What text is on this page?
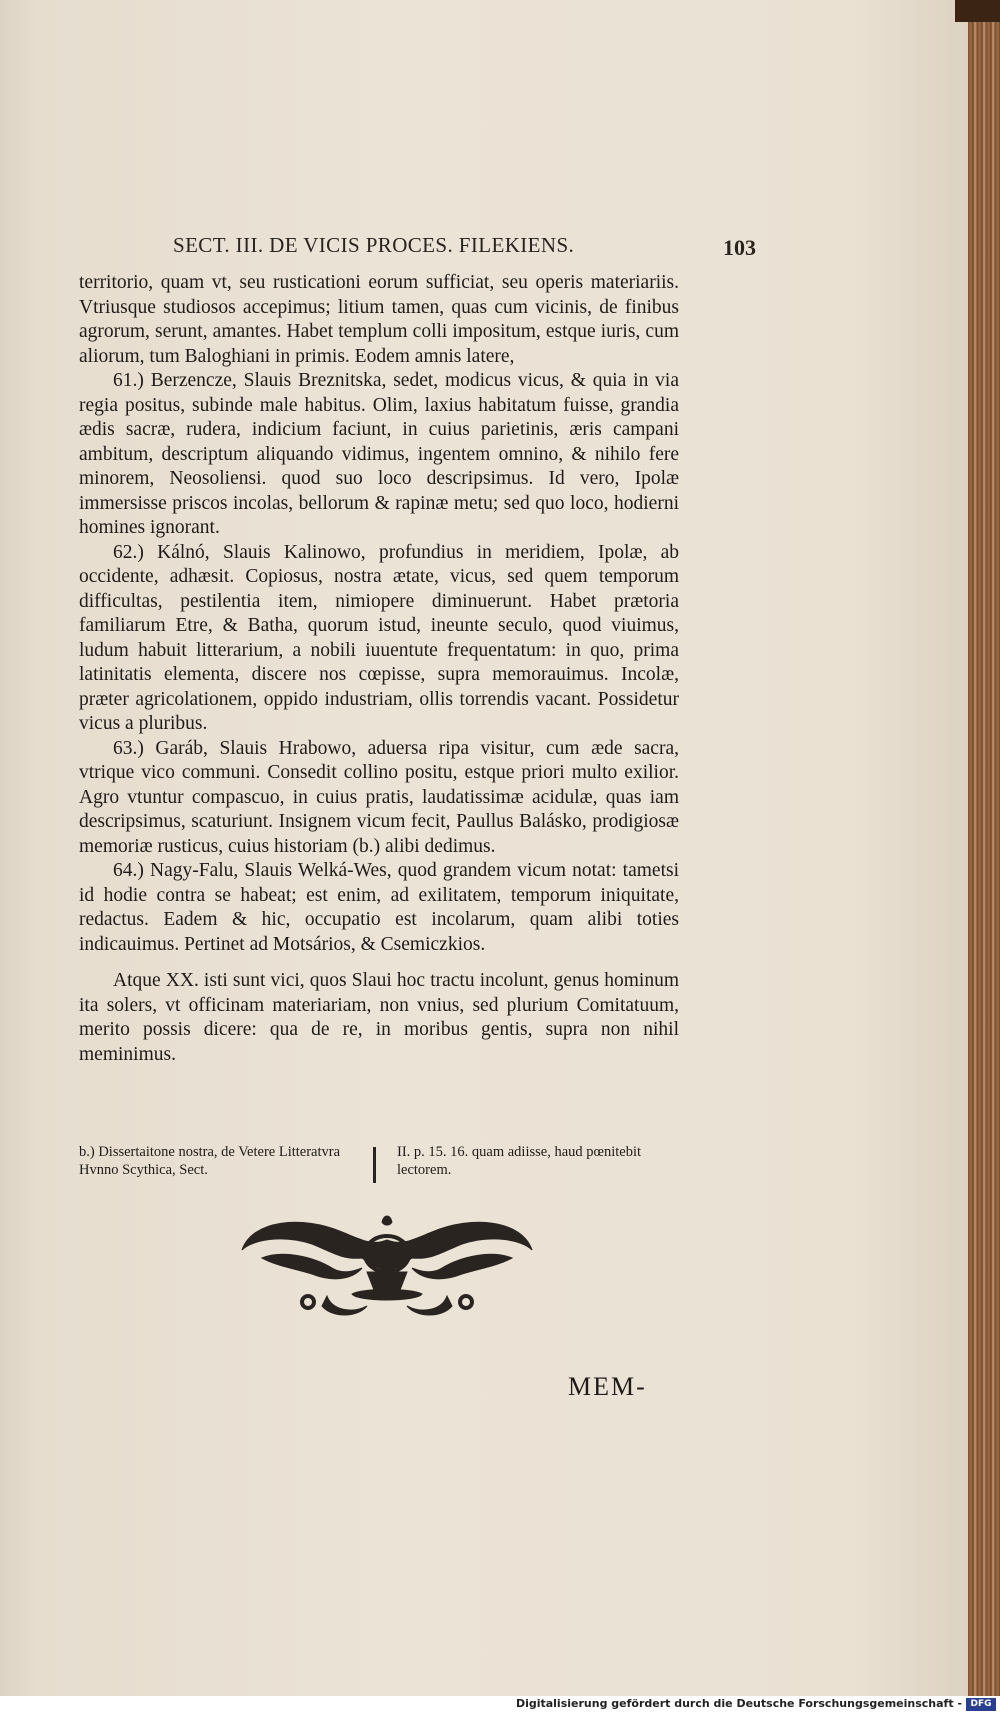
SECT. III. DE VICIS PROCES. FILEKIENS.	103

territorio, quam vt, seu rusticationi eorum sufficiat, seu operis materiariis. Vtriusque studiosos accepimus; litium tamen, quas cum vicinis, de finibus agrorum, serunt, amantes. Habet templum colli impositum, estque iuris, cum aliorum, tum Baloghiani in primis. Eodem amnis latere,

61.) Berzencze, Slauis Breznitska, sedet, modicus vicus, & quia in via regia positus, subinde male habitus. Olim, laxius habitatum fuisse, grandia ædis sacræ, rudera, indicium faciunt, in cuius parietinis, æris campani ambitum, descriptum aliquando vidimus, ingentem omnino, & nihilo fere minorem, Neosoliensi. quod suo loco descripsimus. Id vero, Ipolæ immersisse priscos incolas, bellorum & rapinæ metu; sed quo loco, hodierni homines ignorant.

62.) Kálnó, Slauis Kalinowo, profundius in meridiem, Ipolæ, ab occidente, adhæsit. Copiosus, nostra ætate, vicus, sed quem temporum difficultas, pestilentia item, nimiopere diminuerunt. Habet prætoria familiarum Etre, & Batha, quorum istud, ineunte seculo, quod viuimus, ludum habuit litterarium, a nobili iuuentute frequentatum: in quo, prima latinitatis elementa, discere nos cœpisse, supra memorauimus. Incolæ, præter agricolationem, oppido industriam, ollis torrendis vacant. Possidetur vicus a pluribus.

63.) Garáb, Slauis Hrabowo, aduersa ripa visitur, cum æde sacra, vtrique vico communi. Consedit collino positu, estque priori multo exilior. Agro vtuntur compascuo, in cuius pratis, laudatissimæ acidulæ, quas iam descripsimus, scaturiunt. Insignem vicum fecit, Paullus Balásko, prodigiosæ memoriæ rusticus, cuius historiam (b.) alibi dedimus.

64.) Nagy-Falu, Slauis Welká-Wes, quod grandem vicum notat: tametsi id hodie contra se habeat; est enim, ad exilitatem, temporum iniquitate, redactus. Eadem & hic, occupatio est incolarum, quam alibi toties indicauimus. Pertinet ad Motsários, & Csemiczkios.

Atque XX. isti sunt vici, quos Slaui hoc tractu incolunt, genus hominum ita solers, vt officinam materiariam, non vnius, sed plurium Comitatuum, merito possis dicere: qua de re, in moribus gentis, supra non nihil meminimus.

b.) Dissertaitone nostra, de Vetere Litteratvra Hvnno Scythica, Sect.
II. p. 15. 16. quam adiisse, haud pœnitebit lectorem.
MEM-
Digitalisierung gefördert durch die Deutsche Forschungsgemeinschaft - DFG
